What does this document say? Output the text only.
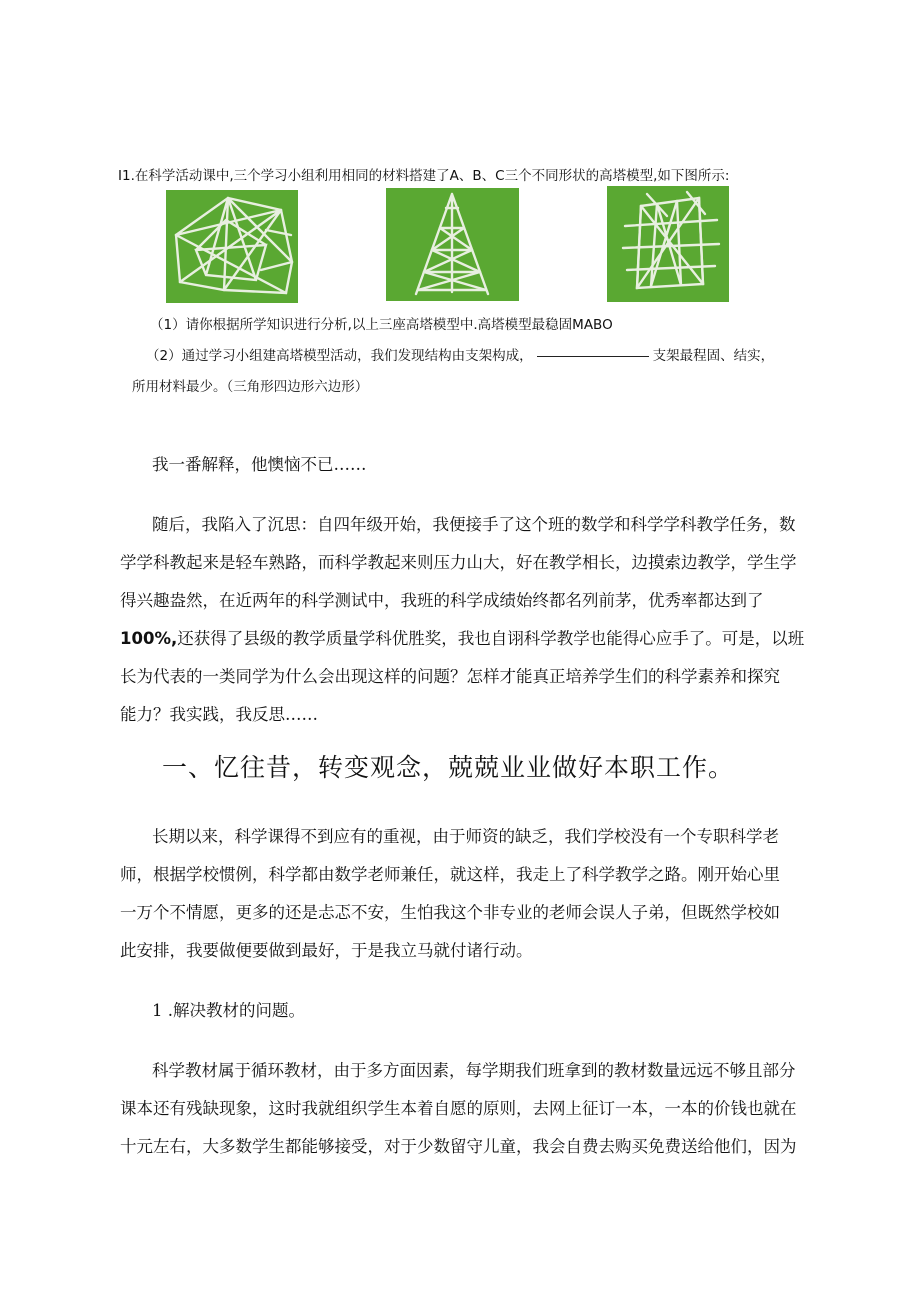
I1.在科学活动课中,三个学习小组利用相同的材料搭建了A、B、C三个不同形状的高塔模型,如下图所示:
（1）请你根据所学知识进行分析,以上三座高塔模型中.高塔模型最稳固MABO
（2）通过学习小组建高塔模型活动，我们发现结构由支架构成，	支架最程固、结实，
所用材料最少。（三角形四边形六边形）
我一番解释，他懊恼不已……
随后，我陷入了沉思：自四年级开始，我便接手了这个班的数学和科学学科教学任务，数
学学科教起来是轻车熟路，而科学教起来则压力山大，好在教学相长，边摸索边教学，学生学
得兴趣盎然，在近两年的科学测试中，我班的科学成绩始终都名列前茅，优秀率都达到了
100%,还获得了县级的教学质量学科优胜奖，我也自诩科学教学也能得心应手了。可是，以班
长为代表的一类同学为什么会出现这样的问题？怎样才能真正培养学生们的科学素养和探究
能力？我实践，我反思……
一、忆往昔，转变观念，兢兢业业做好本职工作。
长期以来，科学课得不到应有的重视，由于师资的缺乏，我们学校没有一个专职科学老
师，根据学校惯例，科学都由数学老师兼任，就这样，我走上了科学教学之路。刚开始心里
一万个不情愿，更多的还是忐忑不安，生怕我这个非专业的老师会误人子弟，但既然学校如
此安排，我要做便要做到最好，于是我立马就付诸行动。
1 .解决教材的问题。
科学教材属于循环教材，由于多方面因素，每学期我们班拿到的教材数量远远不够且部分
课本还有残缺现象，这时我就组织学生本着自愿的原则，去网上征订一本，一本的价钱也就在
十元左右，大多数学生都能够接受，对于少数留守儿童，我会自费去购买免费送给他们，因为
